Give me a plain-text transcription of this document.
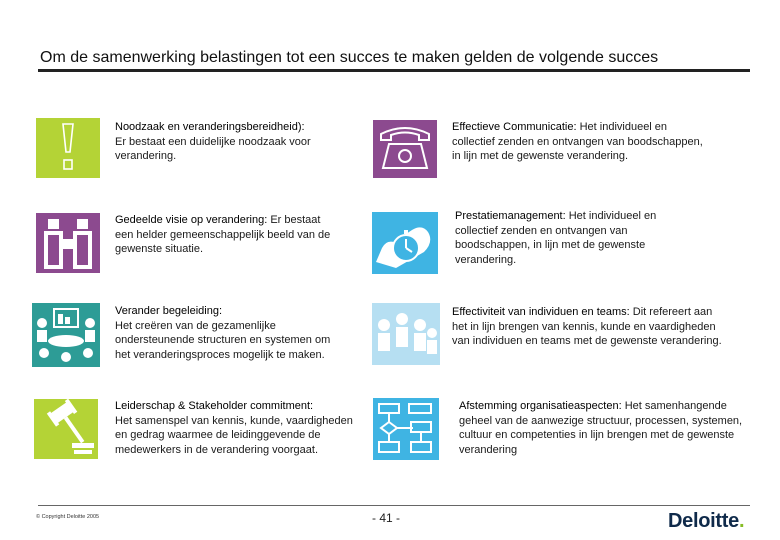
Om de samenwerking belastingen tot een succes te maken gelden de volgende succes
Noodzaak en veranderingsbereidheid):
Er bestaat een duidelijke noodzaak voor verandering.
Gedeelde visie op verandering: Er bestaat een helder gemeenschappelijk beeld van de gewenste situatie.
Verander begeleiding:
Het creëren van de gezamenlijke ondersteunende structuren en systemen om het veranderingsproces mogelijk te maken.
Leiderschap & Stakeholder commitment:
Het samenspel van kennis, kunde, vaardigheden en gedrag waarmee de leidinggevende de medewerkers in de verandering voorgaat.
Effectieve Communicatie: Het individueel en collectief zenden en ontvangen van boodschappen, in lijn met de gewenste verandering.
Prestatiemanagement: Het individueel en collectief zenden en ontvangen van boodschappen, in lijn met de gewenste verandering.
Effectiviteit van individuen en teams: Dit refereert aan het in lijn brengen van kennis, kunde en vaardigheden van individuen en teams met de gewenste verandering.
Afstemming organisatieaspecten: Het samenhangende geheel van de aanwezige structuur, processen, systemen, cultuur en competenties in lijn brengen met de gewenste verandering
© Copyright Deloitte 2005	- 41 -	Deloitte.
